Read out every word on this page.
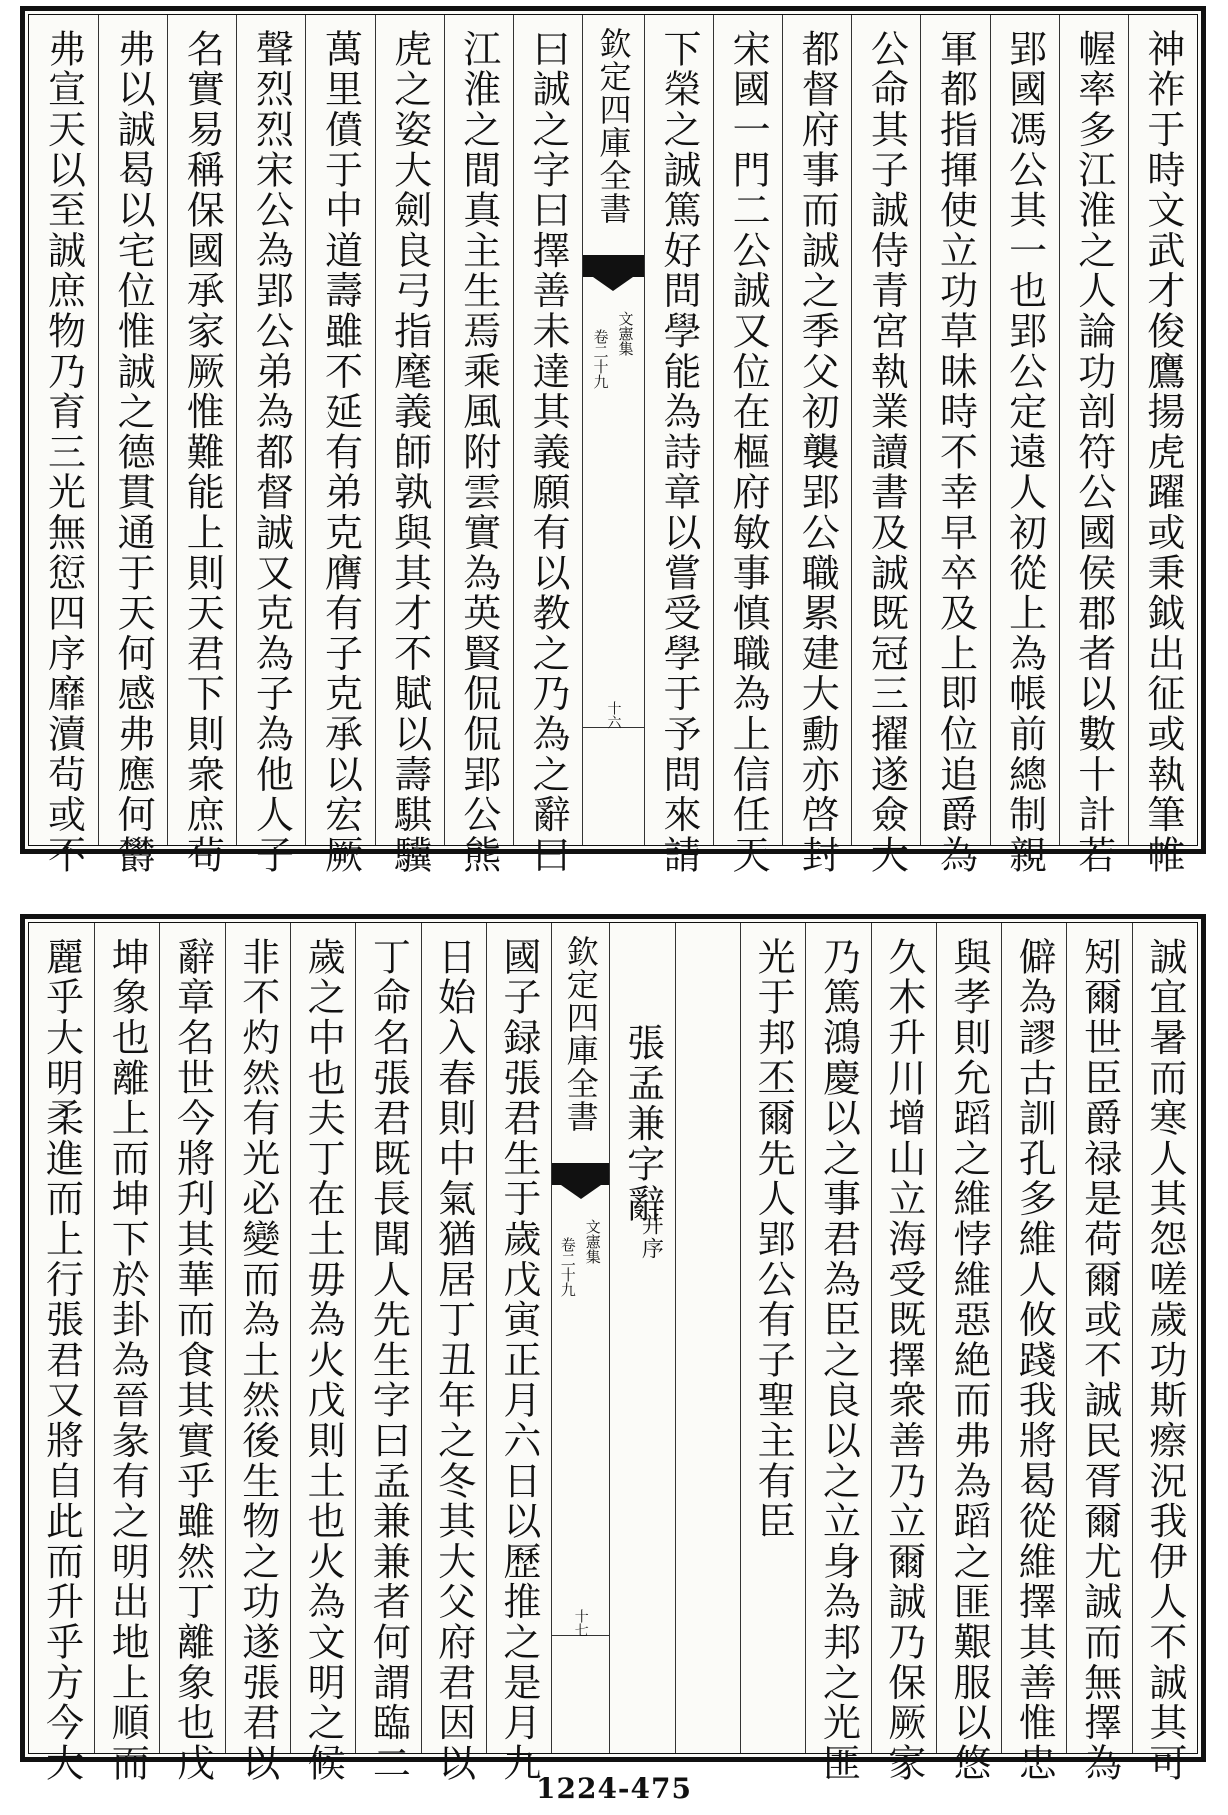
神祚于時文武才俊鷹揚虎躍或秉鉞出征或執筆帷
幄率多江淮之人論功剖符公國侯郡者以數十計若
郢國馮公其一也郢公定遠人初從上為帳前總制親
軍都指揮使立功草昧時不幸早卒及上即位追爵為
公命其子誠侍青宮執業讀書及誠既冠三擢遂僉大
都督府事而誠之季父初襲郢公職累建大勳亦啓封
宋國一門二公誠又位在樞府敏事慎職為上信任天
下榮之誠篤好問學能為詩章以嘗受學于予問來請
欽定四庫全書
文憲集
卷二十九
十六
曰誠之字曰擇善未達其義願有以教之乃為之辭曰
江淮之間真主生焉乘風附雲實為英賢侃侃郢公熊
虎之姿大劍良弓指麾義師孰與其才不賦以壽騏驥
萬里僨于中道壽雖不延有弟克膺有子克承以宏厥
聲烈烈宋公為郢公弟為都督誠又克為子為他人子
名實易稱保國承家厥惟難能上則天君下則衆庶茍
弗以誠曷以宅位惟誠之德貫通于天何感弗應何欝
弗宣天以至誠庶物乃育三光無愆四序靡瀆茍或不
誠宜暑而寒人其怨嗟歲功斯瘵況我伊人不誠其可
矧爾世臣爵禄是荷爾或不誠民胥爾尤誠而無擇為
僻為謬古訓孔多維人攸踐我將曷從維擇其善惟忠
與孝則允蹈之維悖維惡絶而弗為蹈之匪艱服以悠
久木升川增山立海受既擇衆善乃立爾誠乃保厥家
乃篤鴻慶以之事君為臣之良以之立身為邦之光匪
光于邦丕爾先人郢公有子聖主有臣
張孟兼字辭
并序
欽定四庫全書
文憲集
卷二十九
十七
國子録張君生于歲戊寅正月六日以歷推之是月九
日始入春則中氣猶居丁丑年之冬其大父府君因以
丁命名張君既長聞人先生字曰孟兼兼者何謂臨二
歲之中也夫丁在土毋為火戊則土也火為文明之候
非不灼然有光必變而為土然後生物之功遂張君以
辭章名世今將刋其華而食其實乎雖然丁離象也戊
坤象也離上而坤下於卦為晉彖有之明出地上順而
麗乎大明柔進而上行張君又將自此而升乎方今大
1224-475
